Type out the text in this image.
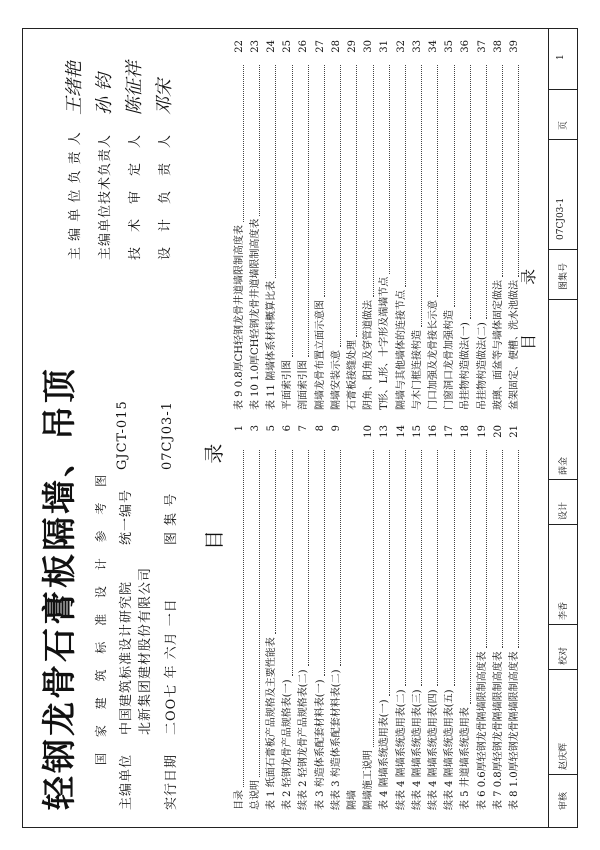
轻钢龙骨石膏板隔墙、吊顶 国 家 建 筑 标 准 设 计 参 考 图
主编单位
中国建筑标准设计研究院 北新集团建材股份有限公司
统一编号
GJCT-015
实行日期
二OO七 年 六月 一日
图 集 号
07CJ03-1
主 编 单 位 负 责 人
王绪艳
主编单位技术负责人
孙 钧
技　术　审　定　人
陈征祥
设　计　负　责　人
邓宋
目 录
目录
1
总说明
3
表 1 纸面石膏板产品规格及主要性能表
5
表 2 轻钢龙骨产品规格表(一)
6
续表 2 轻钢龙骨产品规格表(二)
7
表 3 构造体系配套材料表(一)
8
续表 3 构造体系配套材料表(二)
9
隔墙 隔墙施工说明
10
表 4 隔墙系统选用表(一)
13
续表 4 隔墙系统选用表(二)
14
续表 4 隔墙系统选用表(三)
15
续表 4 隔墙系统选用表(四)
16
续表 4 隔墙系统选用表(五)
17
表 5 井道墙系统选用表
18
表 6 0.6厚轻钢龙骨隔墙限制高度表
19
表 7 0.8厚轻钢龙骨隔墙限制高度表
20
表 8 1.0厚轻钢龙骨隔墙限制高度表
21
表 9 0.8厚CH轻钢龙骨井道墙限制高度表
22
表 10 1.0厚CH轻钢龙骨井道墙限制高度表
23
表 11 隔墙体系材料概算比表
24
平面索引图
25
剖面索引图
26
隔墙龙骨布置立面示意图
27
隔墙安装示意
28
石膏板接缝处理
29
阴角、阳角及穿管道做法
30
T形、L形、十字形及端墙节点
31
隔墙与其他墙体的连接节点
32
与木门框连接构造
33
门口加强及龙骨接长示意
34
门窗洞口龙骨加强构造
35
吊挂物构造做法(一)
36
吊挂物构造做法(二)
37
玻璃、面盆等与墙体固定做法
38
盆架固定、便槽、洗水池做法
39
目 录
审核
赵庆辉
校对
李香
设计
薛金
图集号
07CJ03-1
页
1
